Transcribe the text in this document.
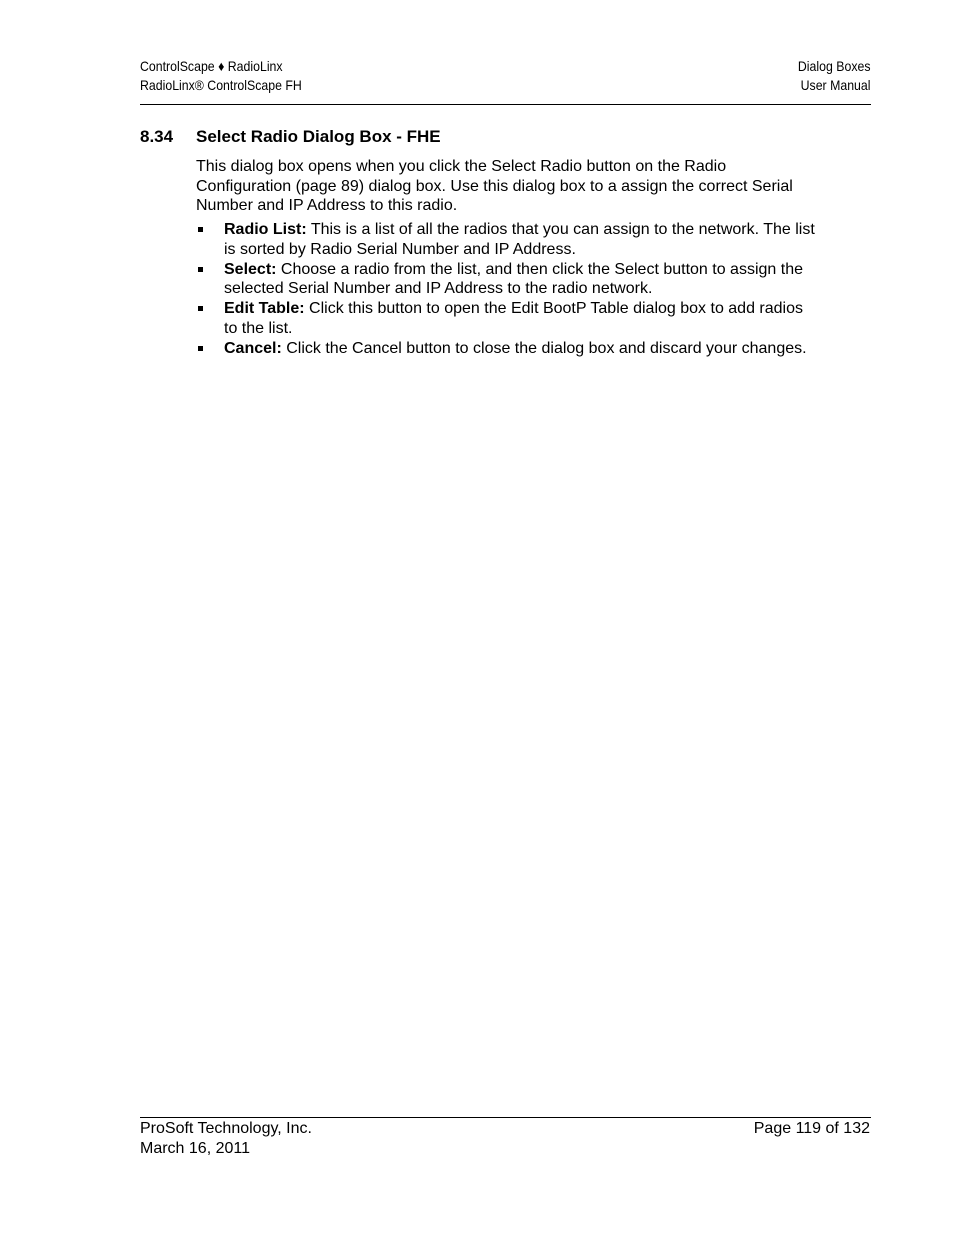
ControlScape ♦ RadioLinx
RadioLinx® ControlScape FH
Dialog Boxes
User Manual
8.34 Select Radio Dialog Box - FHE
This dialog box opens when you click the Select Radio button on the Radio Configuration (page 89) dialog box. Use this dialog box to a assign the correct Serial Number and IP Address to this radio.
Radio List: This is a list of all the radios that you can assign to the network. The list is sorted by Radio Serial Number and IP Address.
Select: Choose a radio from the list, and then click the Select button to assign the selected Serial Number and IP Address to the radio network.
Edit Table: Click this button to open the Edit BootP Table dialog box to add radios to the list.
Cancel: Click the Cancel button to close the dialog box and discard your changes.
ProSoft Technology, Inc.
March 16, 2011
Page 119 of 132
